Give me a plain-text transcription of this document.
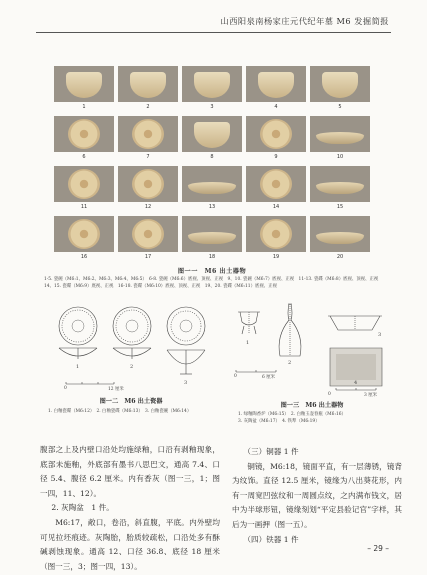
山西阳泉南杨家庄元代纪年墓 M6 发掘简报
1	2	3	4	5
6	7	8	9	10
11	12	13	14	15
16	17	18	19	20
图一一　M6 出土器物
1-5. 瓷碗（M6:1、M6:2、M6:3、M6:4、M6:5）　6-8. 瓷碗（M6:6）底视、顶视、正视　9、10. 瓷碗（M6:7）底视、正视　11-13. 瓷碟（M6:8）底视、顶视、正视　14、15. 瓷碟（M6:9）底视、正视　16-18. 瓷碟（M6:10）底视、顶视、正视　19、20. 瓷碟（M6:11）底视、正视
1	2
3
0	12 厘米
图一二　M6 出土瓷器
1. 白釉瓷碟（M6:12）　2. 白釉瓷碟（M6:13）　3. 白釉瓷碗（M6:14）
1
2
3
4
0	6 厘米
0	3 厘米
图一三　M6 出土器物
1. 绿釉陶香炉（M6:15）　2. 白釉玉壶春瓶（M6:16）
3. 灰陶盆（M6:17）　4. 铁犁（M6:19）

腹部之上及内壁口沿处均施绿釉，口沿有剥釉现象，底部未施釉，外底部有墨书八思巴文，通高 7.4、口径 5.4、腹径 6.2 厘米。内有香灰（图一三，1；图一四，11、12）。

2. 灰陶盆　1 件。

M6:17，敞口，卷沿，斜直腹，平底。内外壁均可见拉坯痕迹。灰陶胎，胎质较疏松，口沿处多有酥碱剥蚀现象。通高 12、口径 36.8、底径 18 厘米（图一三，3；图一四，13）。

（三）铜器 1 件

铜镜，M6:18，镜面平直，有一层薄锈，镜背为纹饰。直径 12.5 厘米，镜缘为八出葵花形，内有一周宽凹弦纹和一周圆点纹，之内满布钱文，居中为半球形钮，镜缘刻划“平定县验记官”字样，其后为一画押（图一五）。

（四）铁器 1 件

– 29 –
